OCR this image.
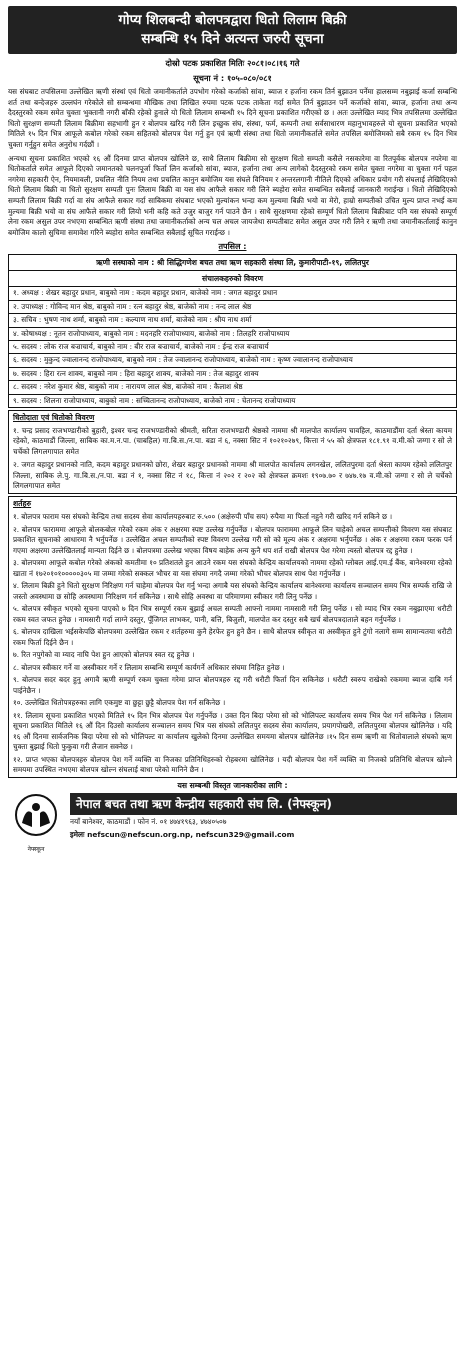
गोप्य शिलबन्दी बोलपत्रद्वारा धितो लिलाम बिक्री
सम्बन्धि १५ दिने अत्यन्त जरुरी सूचना
दोस्रो पटक प्रकाशित मितिः २०८१।०८।१६ गते
सूचना नं : १०५-०८०/०८१

यस संघबाट तपसिलमा उल्लेखित ऋणी संस्थां एवं धितो जमानीकर्ताले उपभोग गरेको कर्जाको सांवा, ब्याज र हर्जाना रकम तिर्न बुझाउन पर्नेमा हालसम्म नबुझाई कर्जा सम्बन्धि शर्त तथा बन्देजहरु उल्लघंन गरेकोले सो सम्बन्धमा मौखिक तथा लिखित रुपमा पटक पटक ताकेता गर्दा समेत तिर्न बुझाउन पर्ने कर्जाको सांवा, ब्याज, हर्जाना तथा अन्य दैदस्तुरको रकम समेत चुक्ता भुक्तानी नगरी बाँकी रहेको हुनाले यो धितो लिलाम सम्बन्धी १५ दिने सूचना प्रकाशित गरीएको छ । अतः उल्लेखित म्याद भित्र तपसिलमा उल्लेखित धितो सुरक्षण सम्पती लिलाम बिक्रीमा सहभागी हुन र बोलपत्र खरिद गरी लिन इच्छुक संघ, संस्था, फर्म, कम्पनी तथा सर्वसाधारण महानुभावहरुले यो सूचना प्रकाशित भएको मितिले १५ दिन भित्र आफूले कबोल गरेको रकम सहितको बोलपत्र पेश गर्नु हुन एवं ऋणी संस्था तथा धितो जमानीकर्ताले समेत तपसिल बमोजिमको सबै रकम १५ दिन भित्र चुक्ता गर्नुहुन समेत अनुरोध गर्दछौं ।

अन्यथा सूचना प्रकाशित भएको १६ औं दिनमा प्राप्त बोलपत्र खोलिने छ, साथै लिलाम बिक्रीमा सो सुरक्षण धितो सम्पती कसैले नसकारेमा वा रितपूर्वक बोलपत्र नपरेमा वा धितोकर्ताले समेत आफूले दिएको जमानतको चलनपूर्जा फिर्ता लिन कर्जाको सांवा, ब्याज, हर्जाना तथा अन्य लागेको दैदस्तुरको रकम समेत चुक्ता नगरेमा वा चुक्ता गर्न पहल नगरेमा सहकारी ऐन, नियमावली, प्रचलित नीति नियम तथा प्रचलित कानुन बमोजिम यस संघले विनियम र अन्तरलगानी नीतिले दिएको अधिकार प्रयोग गरी संघलाई लेखिदिएको धितो लिलाम बिक्री वा धितो सुरक्षण सम्पती पुनः लिलाम बिक्री वा यस संघ आफैले सकार गरी लिने ब्यहोरा समेत सम्बन्धित सबैलाई जानकारी गराईन्छ । धितो लेखिदिएको सम्पती लिलाम बिक्री गर्दा वा संघ आफैले सकार गर्दा साबिकमा संघबाट भएको मुल्यांकन भन्दा कम मुल्यमा बिक्री भयो वा मेरो, हाम्रो सम्पतीको उचित मुल्य प्राप्त नभई कम मुल्यमा बिक्री भयो वा संघ आफैले सकार गरी लियो भनी कहि कते उजुर बाजुर गर्न पाउने छैन । साथै सुरक्षणमा रहेको सम्पूर्ण धितो लिलाम बिक्रीबाट पनि यस संघको सम्पूर्ण लेना रकम असुल उपर नभएमा सम्बन्धित ऋणी संस्था तथा जमानीकर्ताको अन्य चल अचल जायजेथा सम्पतीबाट समेत असुल उपर गरी लिने र ऋणी तथा जमानीकर्तालाई कानुन बमोजिम कालो सुचिमा समावेश गरिने ब्यहोरा समेत सम्बन्धित सबैलाई सूचित गराईन्छ ।

तपसिल :
ऋणी सस्थाको नाम : श्री सिद्धिगणेश बचत तथा ऋण सहकारी संस्था लि, कुमारीपाटी-१९, ललितपुर
संचालकहरुको विवरण
१. अध्यक्ष : शेखर बहादुर प्रधान, बाबुको नाम : कदम बहादुर प्रधान, बाजेको नाम : जगत बहादुर प्रधान
२. उपाध्यक्ष : गोविन्द मान श्रेष्ठ, बाबुको नाम : रत्न बहादुर श्रेष्ठ, बाजेको नाम : नन्द लाल श्रेष्ठ
३. सचिव : भुषण नाथ शर्मा, बाबुको नाम : कल्याण नाथ शर्मा, बाजेको नाम : श्रीय नाथ शर्मा
४. कोषाध्यक्ष : नूतन राजोपाध्याय, बाबुको नाम : मदनहरि राजोपाध्याय, बाजेको नाम : तिलहरि राजोपाध्याय
५. सदस्य : लोक राज बज्राचार्य, बाबुको नाम : बीर राज बज्राचार्य, बाजेको नाम : ईन्द्र राज बज्राचार्य
६. सदस्य : मुकुन्द ज्वालानन्द राजोपाध्याय, बाबुको नाम : तेज ज्वालानन्द राजोपाध्याय, बाजेको नाम : कृष्ण ज्वालानन्द राजोपाध्याय
७. सदस्य : हिरा रत्न शाक्य, बाबुको नाम : हिरा बहादुर शाक्य, बाजेको नाम : तेज बहादुर शाक्य
८. सदस्य : नरेश कुमार श्रेष्ठ, बाबुको नाम : नारायण लाल श्रेष्ठ, बाजेको नाम : कैलाश श्रेष्ठ
९. सदस्य : शिलना राजोपाध्याय, बाबुको नाम : सच्चितानन्द राजोपाध्याय, बाजेको नाम : चेतानन्द राजोपाध्याय
धितोदाता एवं धितोको विवरण
१. चन्द्र प्रसाद राजभण्डारीको बुहारी, इश्वर चन्द्र राजभण्डारीको श्रीमती, सरिता राजभण्डारी श्रेष्ठको नाममा श्री मालपोत कार्यालय चावहिल, काठमाडौंमा दर्ता श्रेस्ता कायम रहेको, काठमाडौं जिल्ला, साबिक का.म.न.पा. (चाबहिल) गा.बि.स./न.पा. बडा नं ६, नक्सा सिट नं १०२१०२७९, कित्ता नं ५५ को क्षेत्रफल १८१.९१ व.मी.को जग्गा र सो ले चर्चेको लिगलगापात समेत
२. जगत बहादुर प्रधानको नाति, कदम बहादुर प्रधानको छोरा, शेखर बहादुर प्रधानको नाममा श्री मालपोत कार्यालय लगनखेल, ललितपुरमा दर्ता श्रेस्ता कायम रहेको ललितपुर जिल्ला, साबिक ले.पु. गा.बि.स./न.पा. बडा नं १, नक्सा सिट नं १८, कित्ता नं २०२ र २०२ को क्षेत्रफल क्रमशः १९०७.७० र ७४७.१७ व.मी.को जग्गा र सो ले चर्चेको लिगलगापात समेत
शर्तहरु
१. बोलपत्र फाराम यस संघको केन्द्रिय तथा सदस्य सेवा कार्यालयहरुबाट रु.५०० (अक्षेरुपी पाँच सय) रुपैया मा फिर्ता नहुने गरी खरिद गर्न सकिने छ ।
२. बोलपत्र फाराममा आफूले बोलकबोल गरेको रकम अंक र अक्षरमा स्पष्ट उल्लेख गर्नुपर्नेछ । बोलपत्र फाराममा आफूले लिन चाहेको अचल सम्पत्तीको विवरण यस संघबाट प्रकाशित सूचनाको आधारमा नै भर्नुपर्नेछ । उल्लेखित अचल सम्पतीको स्पष्ट विवरण उल्लेख गरी सो को मूल्य अंक र अक्षरमा भर्नुपर्नेछ । अंक र अक्षरमा रकम फरक पर्न गएमा अक्षरमा उल्लेखितलाई मान्यता दिईने छ । बोलपत्रमा उल्लेख भएका विषय बाहेक अन्य कुनै थप शर्त राखी बोलपत्र पेश गरेमा त्यस्तो बोलपत्र रद्द हुनेछ ।
३. बोलपत्रमा आफूले कबोल गरेको अंककाे कमतीमा १० प्रतिशतले हुन आउने रकम यस संघको केन्द्रिय कार्यालयको नाममा रहेको ग्लोबल आई.एम.ई बैंक, बानेश्वरमा रहेको खाता नं १७२०१०१०००००३०५ मा जम्मा गरेको सक्कल भौचर वा यस संघमा नगदै जम्मा गरेको भौचर बोलपत्र साथ पेश गर्नुपर्नेछ ।
४. लिलाम बिक्री हुने धितो सुरक्षण निरिक्षण गर्न चाहेमा बोलपत्र पेश गर्नु भन्दा अगाबै यस संघको केन्द्रिय कार्यालय बानेश्वरमा कार्यालय सञ्चालन समय भित्र सम्पर्क राखि जे जस्तो अवस्थामा छ सोहि अवस्थामा निरिक्षण गर्न सकिनेछ । साथै सोहि अवस्था वा परिमाणमा स्वीकार गरी लिनु पर्नेछ ।
५. बोलपत्र स्वीकृत भएको सूचना पाएको ७ दिन भित्र सम्पूर्ण रकम बुझाई अचल सम्पती आफ्नो नाममा नामसारी गरी लिनु पर्नेछ । सो म्याद भित्र रकम नबुझाएमा धरौटी रकम स्वत जफत हुनेछ । नामसारी गर्दा लाग्ने दस्तुर, पूँजिगत लाभकर, पानी, बत्ति, बिजुली, मालपोत कर दस्तुर सबै खर्च बोलपत्रदाताले बहन गर्नुपर्नेछ ।
६. बोलपत्र दाखिला भईसकेपछि बोलपत्रमा उल्लेखित रकम र शर्तहरुमा कुनै हेरफेर हुन हुने छैन । साथै बोलपत्र स्वीकृत वा अस्वीकृत हुने टुंगो नलागे सम्म सामान्यतया धरौटी रकम फिर्ता दिईने छैन ।
७. रित नपुगेको वा म्याद नाघि पेश हुन आएको बोलपत्र स्वत रद्द हुनेछ ।
८. बोलपत्र स्वीकार गर्ने वा अस्वीकार गर्ने र लिलाम सम्बन्धि सम्पूर्ण कार्यगर्ने अधिकार संघमा निहित हुनेछ ।
९. बोलपत्र सदर बदर हुनु अगावै ऋणी सम्पूर्ण रकम चुक्ता गरेमा प्राप्त बोलपत्रहरु रद्द गरी धरौटी फिर्ता दिन सकिनेछ । धरौटी स्वरुप राखेको रकममा ब्याज दाबि गर्न पाईनेछैन ।
१०. उल्लेखित धितोपत्रहरुका लागि एकमुष्ट वा छुट्टा छुट्टै बोलपत्र पेश गर्न सकिनेछ ।
११. लिलाम सूचना प्रकाशित भएको मितिले १५ दिन भित्र बोलपत्र पेश गर्नुपर्नेछ । उक्त दिन बिदा परेमा सो को भोलिपल्ट कार्यालय समय भित्र पेश गर्न सकिनेछ । लिलाम सूचना प्रकाशित मितिले १६ औं दिन दिउसो कार्यालय सञ्चालन समय भित्र यस संघको ललितपुर सदस्य सेवा कार्यालय, प्रयागपोखरी, ललितपुरमा बोलपत्र खोलिनेछ । यदि १६ औं दिनमा सार्वजनिक बिदा परेमा सो को भोलिपल्ट वा कार्यालय खुलेको दिनमा उल्लेखित समयमा बोलपत्र खोलिनेछ ।१५ दिन सम्म ऋणी वा धितोवालाले संघको ऋण चुक्ता बुझाई धितो फुकुवा गरी लैजान सक्नेछ ।
१२. प्राप्त भएका बोलपत्रहरु बोलपत्र पेश गर्ने व्यक्ति वा निजका प्रतिनिधिहरुको रोहबरमा खोलिनेछ । यदी बोलपत्र पेश गर्ने व्यक्ति वा निजको प्रतिनिधि बोलपत्र खोल्ने समयमा उपस्थित नभएमा बोलपत्र खोल्न संघलाई बाधा परेको मानिने छैन ।
यस सम्बन्धी विस्तृत जानकारीका लागि :
नेफ्स्कून
नेपाल बचत तथा ऋण केन्द्रीय सहकारी संघ लि. (नेफ्स्कून)
नयाँ बानेश्वर, काठमाडौं । फोन नं. ०१ ४७४१९६३, ४७४०५०७
इमेलः nefscun@nefscun.org.np, nefscun329@gmail.com
